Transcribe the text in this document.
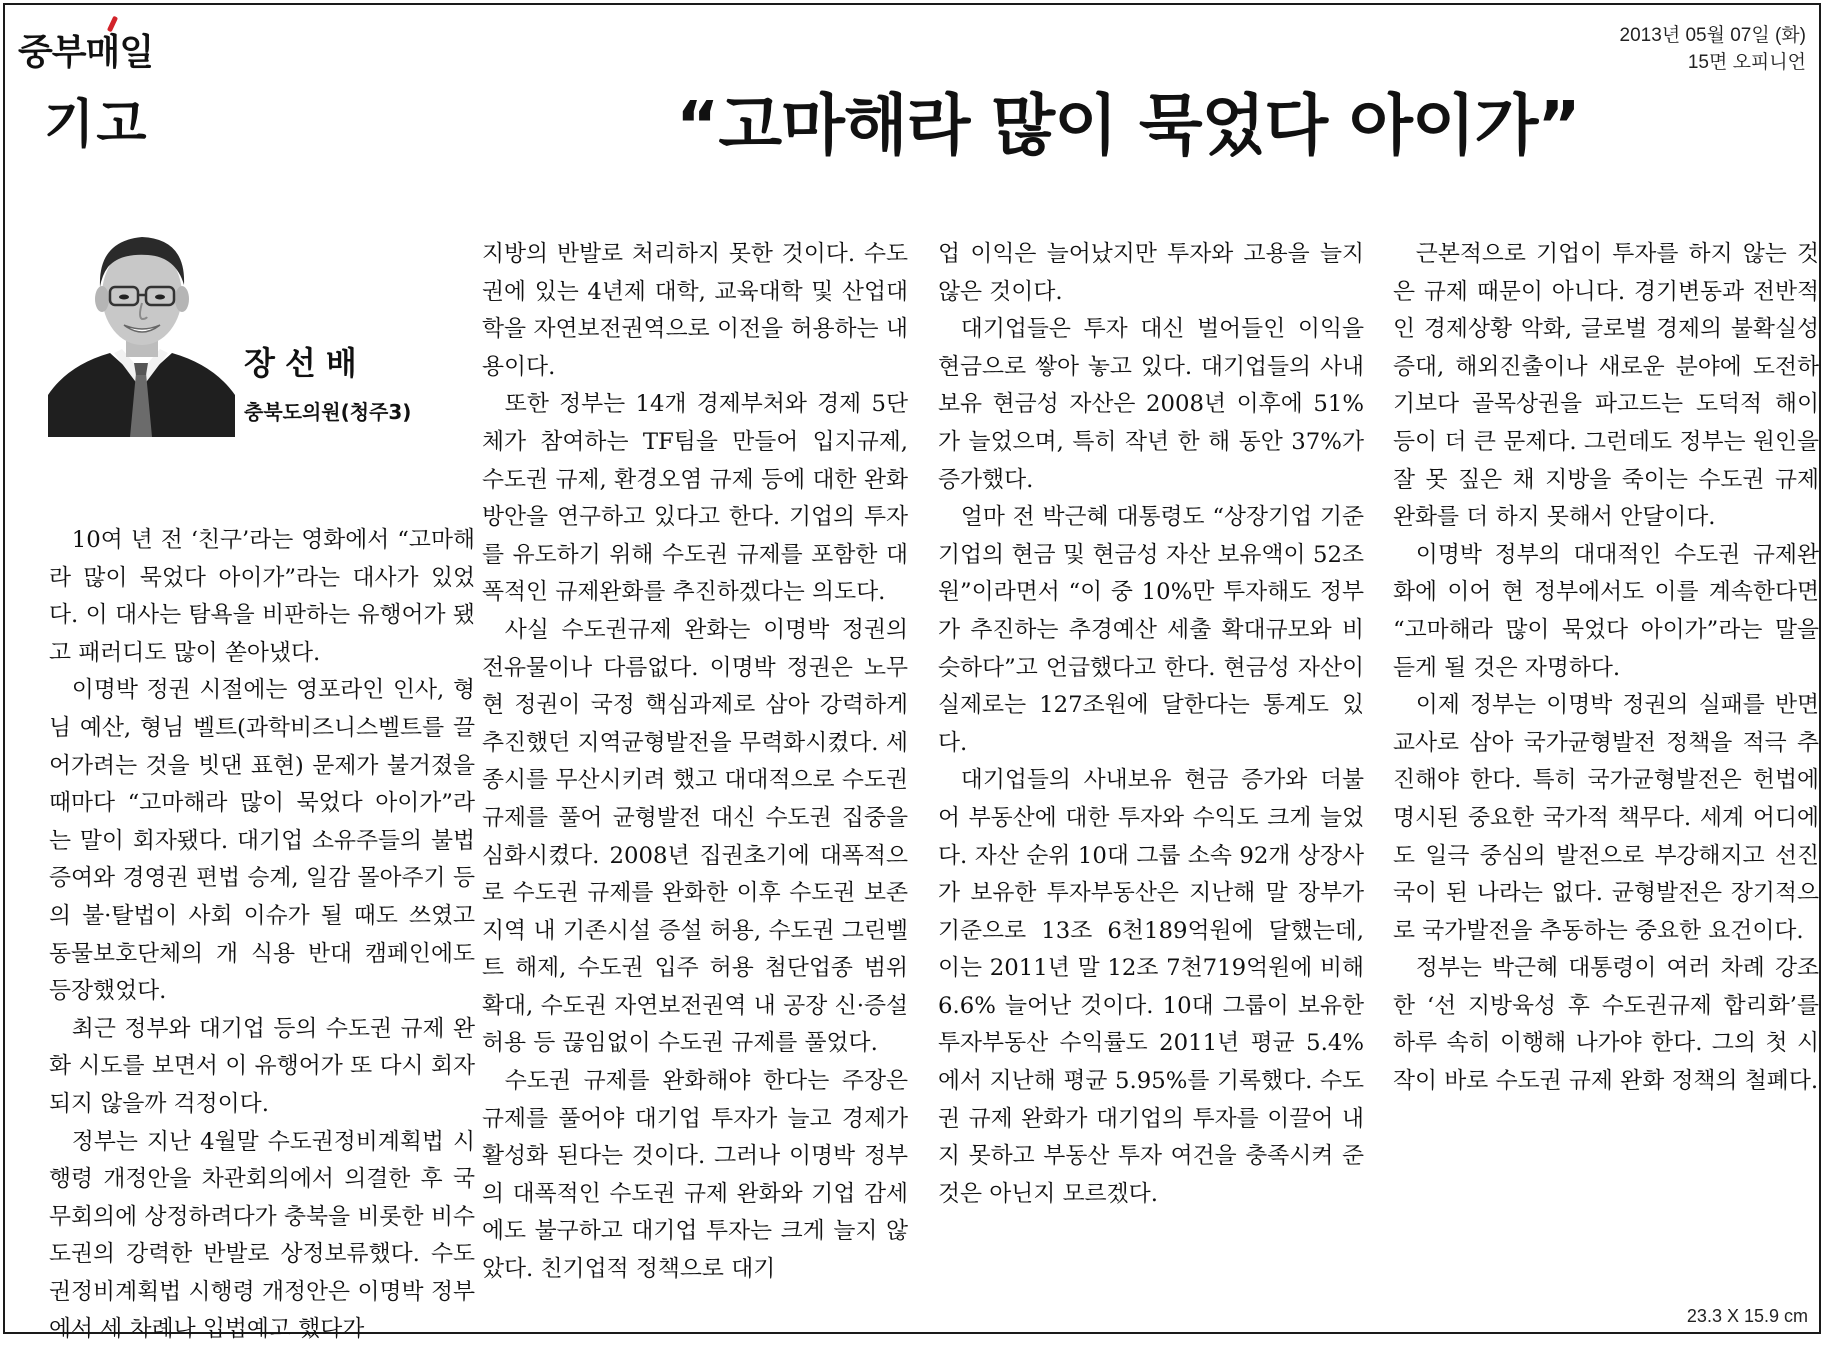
중부매일
기고
2013년 05월 07일 (화)
15면 오피니언
“고마해라 많이 묵었다 아이가”
장선배
충북도의원(청주3)

10여 년 전 ‘친구’라는 영화에서 “고마해라 많이 묵었다 아이가”라는 대사가 있었다. 이 대사는 탐욕을 비판하는 유행어가 됐고 패러디도 많이 쏟아냈다.

이명박 정권 시절에는 영포라인 인사, 형님 예산, 형님 벨트(과학비즈니스벨트를 끌어가려는 것을 빗댄 표현) 문제가 불거졌을 때마다 “고마해라 많이 묵었다 아이가”라는 말이 회자됐다. 대기업 소유주들의 불법 증여와 경영권 편법 승계, 일감 몰아주기 등의 불·탈법이 사회 이슈가 될 때도 쓰였고 동물보호단체의 개 식용 반대 캠페인에도 등장했었다.

최근 정부와 대기업 등의 수도권 규제 완화 시도를 보면서 이 유행어가 또 다시 회자되지 않을까 걱정이다.

정부는 지난 4월말 수도권정비계획법 시행령 개정안을 차관회의에서 의결한 후 국무회의에 상정하려다가 충북을 비롯한 비수도권의 강력한 반발로 상정보류했다. 수도권정비계획법 시행령 개정안은 이명박 정부에서 세 차례나 입법예고 했다가

지방의 반발로 처리하지 못한 것이다. 수도권에 있는 4년제 대학, 교육대학 및 산업대학을 자연보전권역으로 이전을 허용하는 내용이다.

또한 정부는 14개 경제부처와 경제 5단체가 참여하는 TF팀을 만들어 입지규제, 수도권 규제, 환경오염 규제 등에 대한 완화방안을 연구하고 있다고 한다. 기업의 투자를 유도하기 위해 수도권 규제를 포함한 대폭적인 규제완화를 추진하겠다는 의도다.

사실 수도권규제 완화는 이명박 정권의 전유물이나 다름없다. 이명박 정권은 노무현 정권이 국정 핵심과제로 삼아 강력하게 추진했던 지역균형발전을 무력화시켰다. 세종시를 무산시키려 했고 대대적으로 수도권규제를 풀어 균형발전 대신 수도권 집중을 심화시켰다. 2008년 집권초기에 대폭적으로 수도권 규제를 완화한 이후 수도권 보존지역 내 기존시설 증설 허용, 수도권 그린벨트 해제, 수도권 입주 허용 첨단업종 범위 확대, 수도권 자연보전권역 내 공장 신·증설 허용 등 끊임없이 수도권 규제를 풀었다.

수도권 규제를 완화해야 한다는 주장은 규제를 풀어야 대기업 투자가 늘고 경제가 활성화 된다는 것이다. 그러나 이명박 정부의 대폭적인 수도권 규제 완화와 기업 감세에도 불구하고 대기업 투자는 크게 늘지 않았다. 친기업적 정책으로 대기

업 이익은 늘어났지만 투자와 고용을 늘지 않은 것이다.

대기업들은 투자 대신 벌어들인 이익을 현금으로 쌓아 놓고 있다. 대기업들의 사내 보유 현금성 자산은 2008년 이후에 51%가 늘었으며, 특히 작년 한 해 동안 37%가 증가했다.

얼마 전 박근혜 대통령도 “상장기업 기준 기업의 현금 및 현금성 자산 보유액이 52조원”이라면서 “이 중 10%만 투자해도 정부가 추진하는 추경예산 세출 확대규모와 비슷하다”고 언급했다고 한다. 현금성 자산이 실제로는 127조원에 달한다는 통계도 있다.

대기업들의 사내보유 현금 증가와 더불어 부동산에 대한 투자와 수익도 크게 늘었다. 자산 순위 10대 그룹 소속 92개 상장사가 보유한 투자부동산은 지난해 말 장부가 기준으로 13조 6천189억원에 달했는데, 이는 2011년 말 12조 7천719억원에 비해 6.6% 늘어난 것이다. 10대 그룹이 보유한 투자부동산 수익률도 2011년 평균 5.4%에서 지난해 평균 5.95%를 기록했다. 수도권 규제 완화가 대기업의 투자를 이끌어 내지 못하고 부동산 투자 여건을 충족시켜 준 것은 아닌지 모르겠다.

근본적으로 기업이 투자를 하지 않는 것은 규제 때문이 아니다. 경기변동과 전반적인 경제상황 악화, 글로벌 경제의 불확실성 증대, 해외진출이나 새로운 분야에 도전하기보다 골목상권을 파고드는 도덕적 해이 등이 더 큰 문제다. 그런데도 정부는 원인을 잘 못 짚은 채 지방을 죽이는 수도권 규제 완화를 더 하지 못해서 안달이다.

이명박 정부의 대대적인 수도권 규제완화에 이어 현 정부에서도 이를 계속한다면 “고마해라 많이 묵었다 아이가”라는 말을 듣게 될 것은 자명하다.

이제 정부는 이명박 정권의 실패를 반면교사로 삼아 국가균형발전 정책을 적극 추진해야 한다. 특히 국가균형발전은 헌법에 명시된 중요한 국가적 책무다. 세계 어디에도 일극 중심의 발전으로 부강해지고 선진국이 된 나라는 없다. 균형발전은 장기적으로 국가발전을 추동하는 중요한 요건이다.

정부는 박근혜 대통령이 여러 차례 강조한 ‘선 지방육성 후 수도권규제 합리화’를 하루 속히 이행해 나가야 한다. 그의 첫 시작이 바로 수도권 규제 완화 정책의 철폐다.

23.3 X 15.9 cm
